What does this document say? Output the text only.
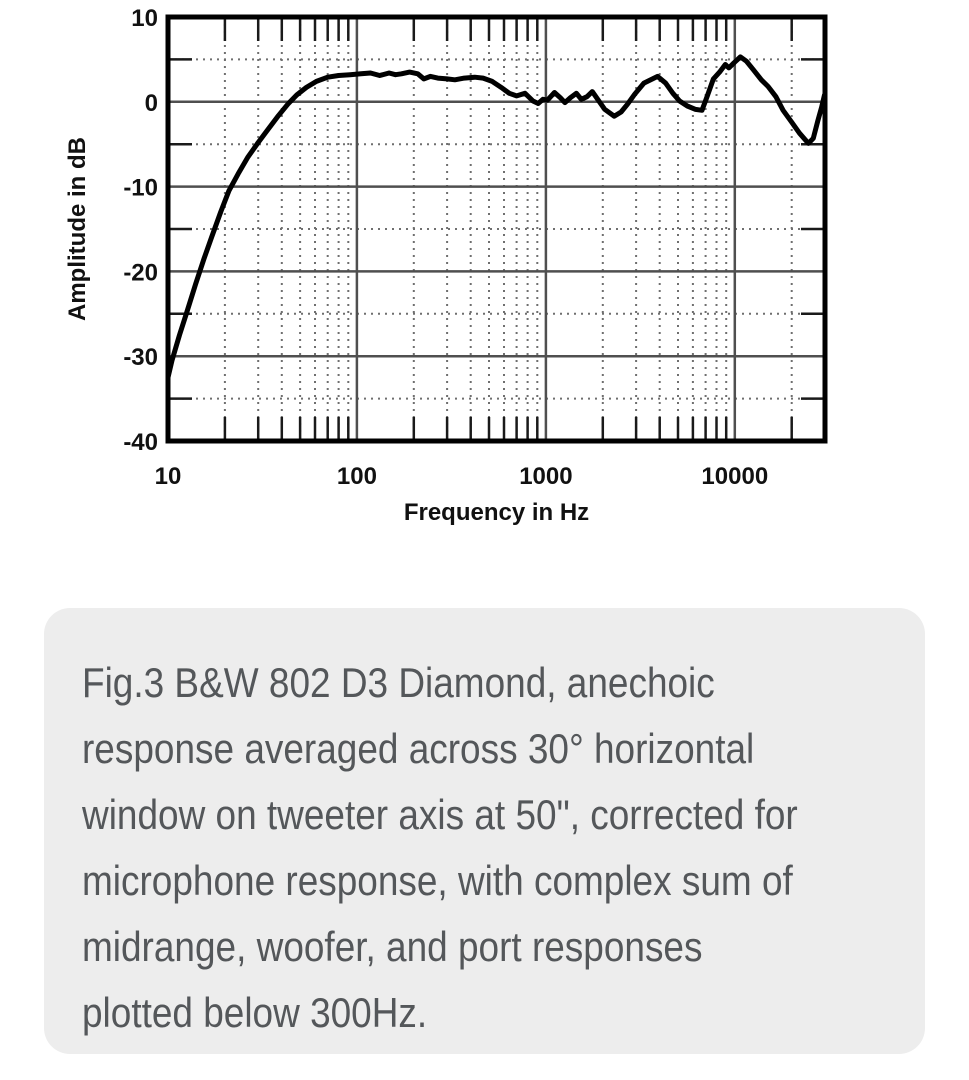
10	100	1000	10000
10
0
-10
-20
-30
-40
Frequency in Hz
Amplitude in dB
Fig.3 B&W 802 D3 Diamond, anechoic
response averaged across 30° horizontal
window on tweeter axis at 50", corrected for
microphone response, with complex sum of
midrange, woofer, and port responses
plotted below 300Hz.
